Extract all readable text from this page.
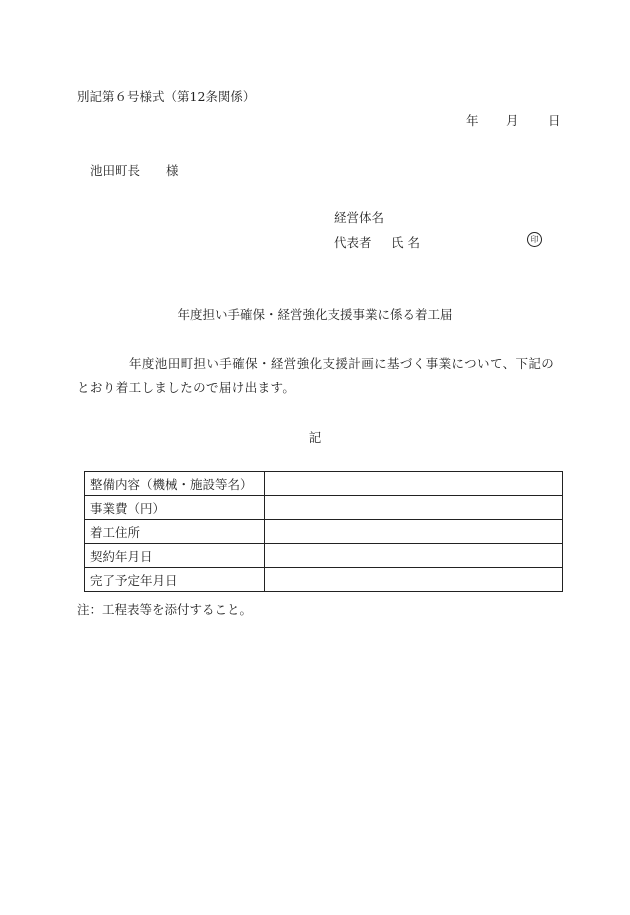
別記第６号様式（第12条関係）
年 月 日
池田町長 様
経営体名
代表者 氏 名	印
年度担い手確保・経営強化支援事業に係る着工届
年度池田町担い手確保・経営強化支援計画に基づく事業について、下記のとおり着工しましたので届け出ます。
記
整備内容（機械・施設等名）	
事業費（円）	
着工住所	
契約年月日	
完了予定年月日	
注：工程表等を添付すること。
